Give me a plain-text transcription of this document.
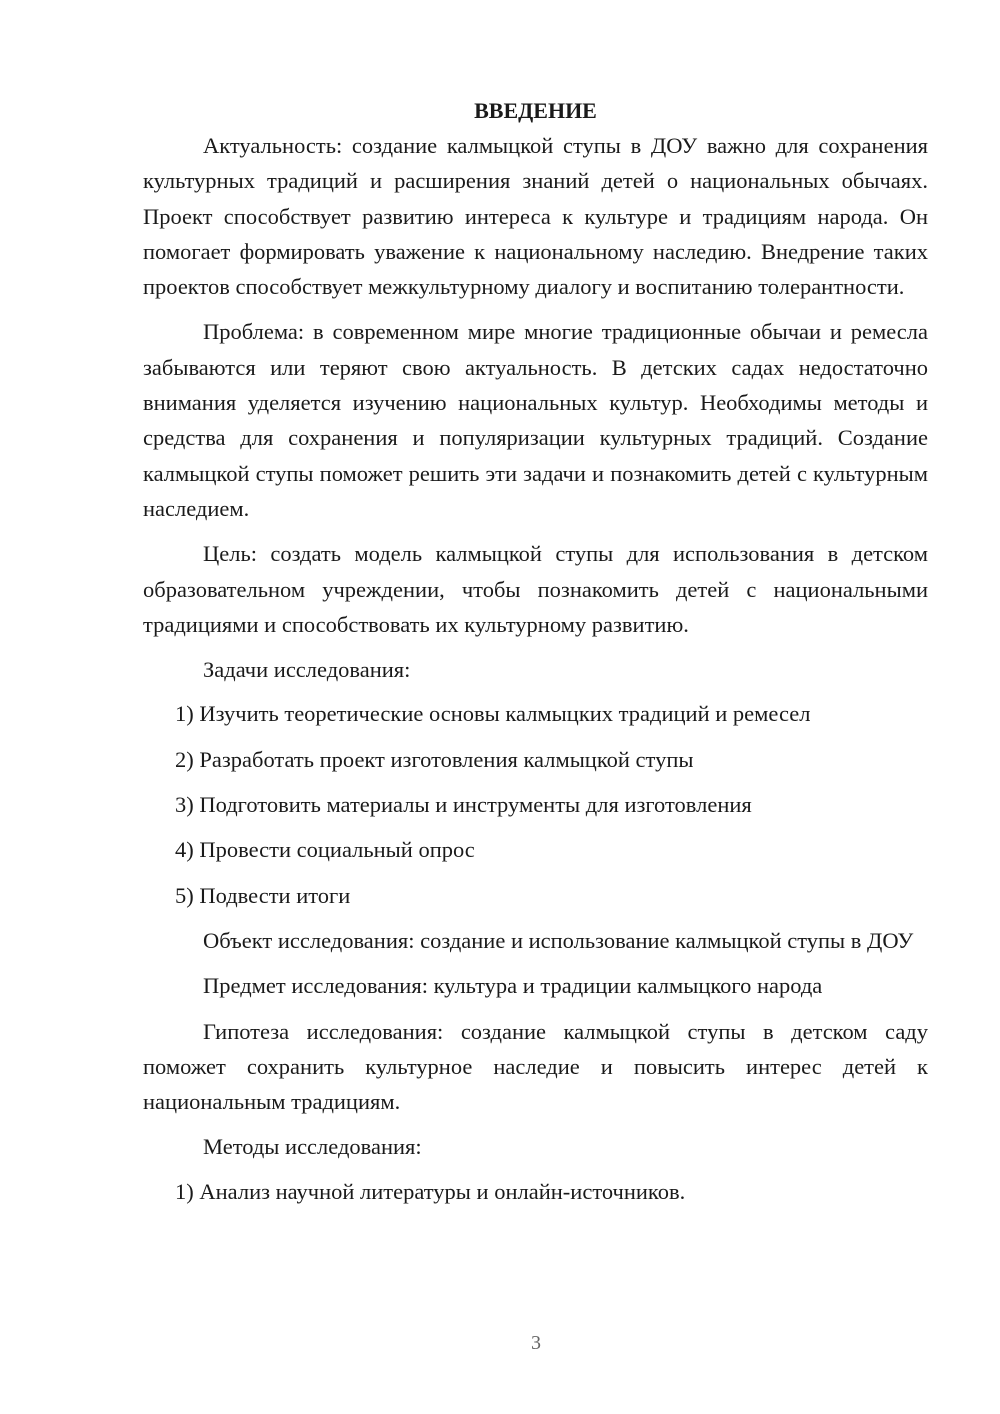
ВВЕДЕНИЕ

Актуальность: создание калмыцкой ступы в ДОУ важно для сохранения культурных традиций и расширения знаний детей о национальных обычаях. Проект способствует развитию интереса к культуре и традициям народа. Он помогает формировать уважение к национальному наследию. Внедрение таких проектов способствует межкультурному диалогу и воспитанию толерантности.

Проблема: в современном мире многие традиционные обычаи и ремесла забываются или теряют свою актуальность. В детских садах недостаточно внимания уделяется изучению национальных культур. Необходимы методы и средства для сохранения и популяризации культурных традиций. Создание калмыцкой ступы поможет решить эти задачи и познакомить детей с культурным наследием.

Цель: создать модель калмыцкой ступы для использования в детском образовательном учреждении, чтобы познакомить детей с национальными традициями и способствовать их культурному развитию.

Задачи исследования:

1) Изучить теоретические основы калмыцких традиций и ремесел

2) Разработать проект изготовления калмыцкой ступы

3) Подготовить материалы и инструменты для изготовления

4) Провести социальный опрос

5) Подвести итоги

Объект исследования: создание и использование калмыцкой ступы в ДОУ

Предмет исследования: культура и традиции калмыцкого народа

Гипотеза исследования: создание калмыцкой ступы в детском саду поможет сохранить культурное наследие и повысить интерес детей к национальным традициям.

Методы исследования:

1) Анализ научной литературы и онлайн-источников.

3
